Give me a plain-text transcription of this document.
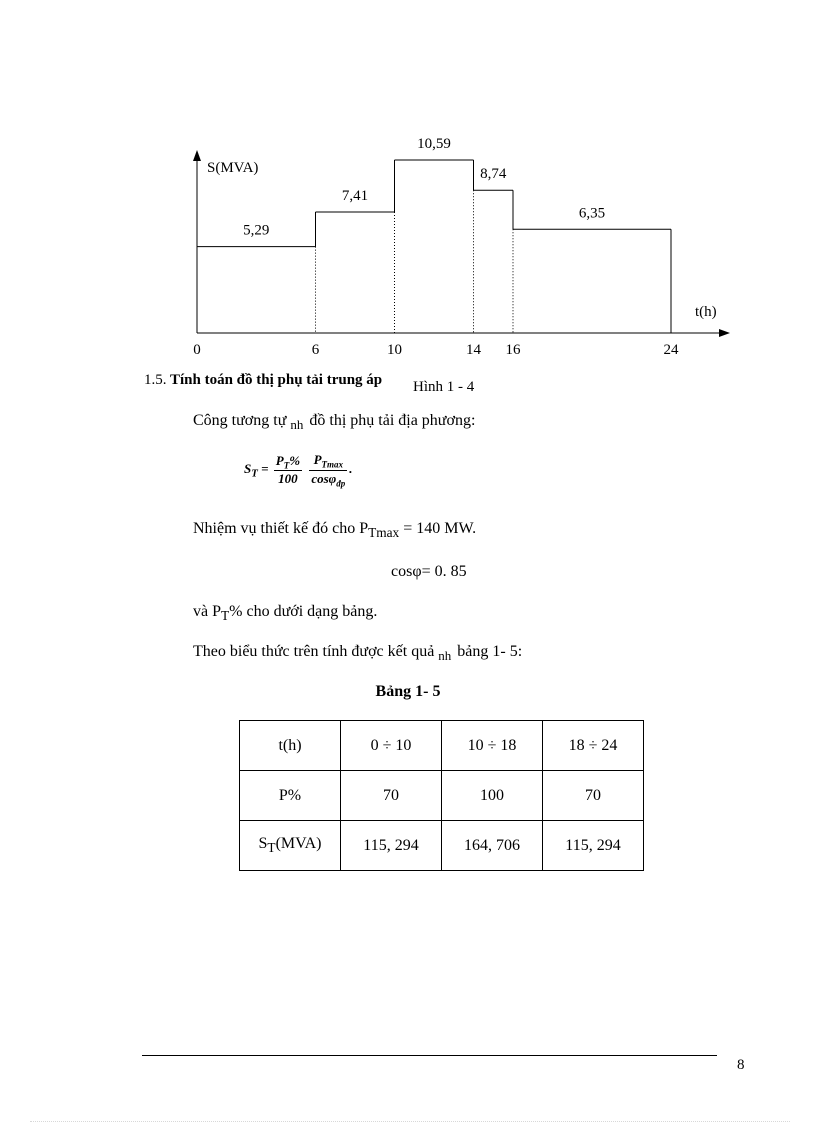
S(MVA)
t(h)
5,29
7,41
10,59
8,74
6,35
0	6	10	14 16	24
1.5. Tính toán đồ thị phụ tải trung áp Hình 1 - 4
Công tương tự $_{nh}$ đồ thị phụ tải địa phương:
$S_T = \frac{P_T\%}{100}$
$\frac{P_{Tmax}}{\cos\varphi_{đp}}$ .
Nhiệm vụ thiết kế đó cho $P_{Tmax} = 140$ MW.
cosφ= 0. 85
và $P_T\%$ cho dưới dạng bảng.
Theo biểu thức trên tính được kết quả $_{nh}$ bảng 1- 5:
Bảng 1- 5
t(h)	0 ÷ 10	10 ÷ 18	18 ÷ 24
P%	70	100	70
$S_T(MVA)$	115, 294	164, 706	115, 294
8
